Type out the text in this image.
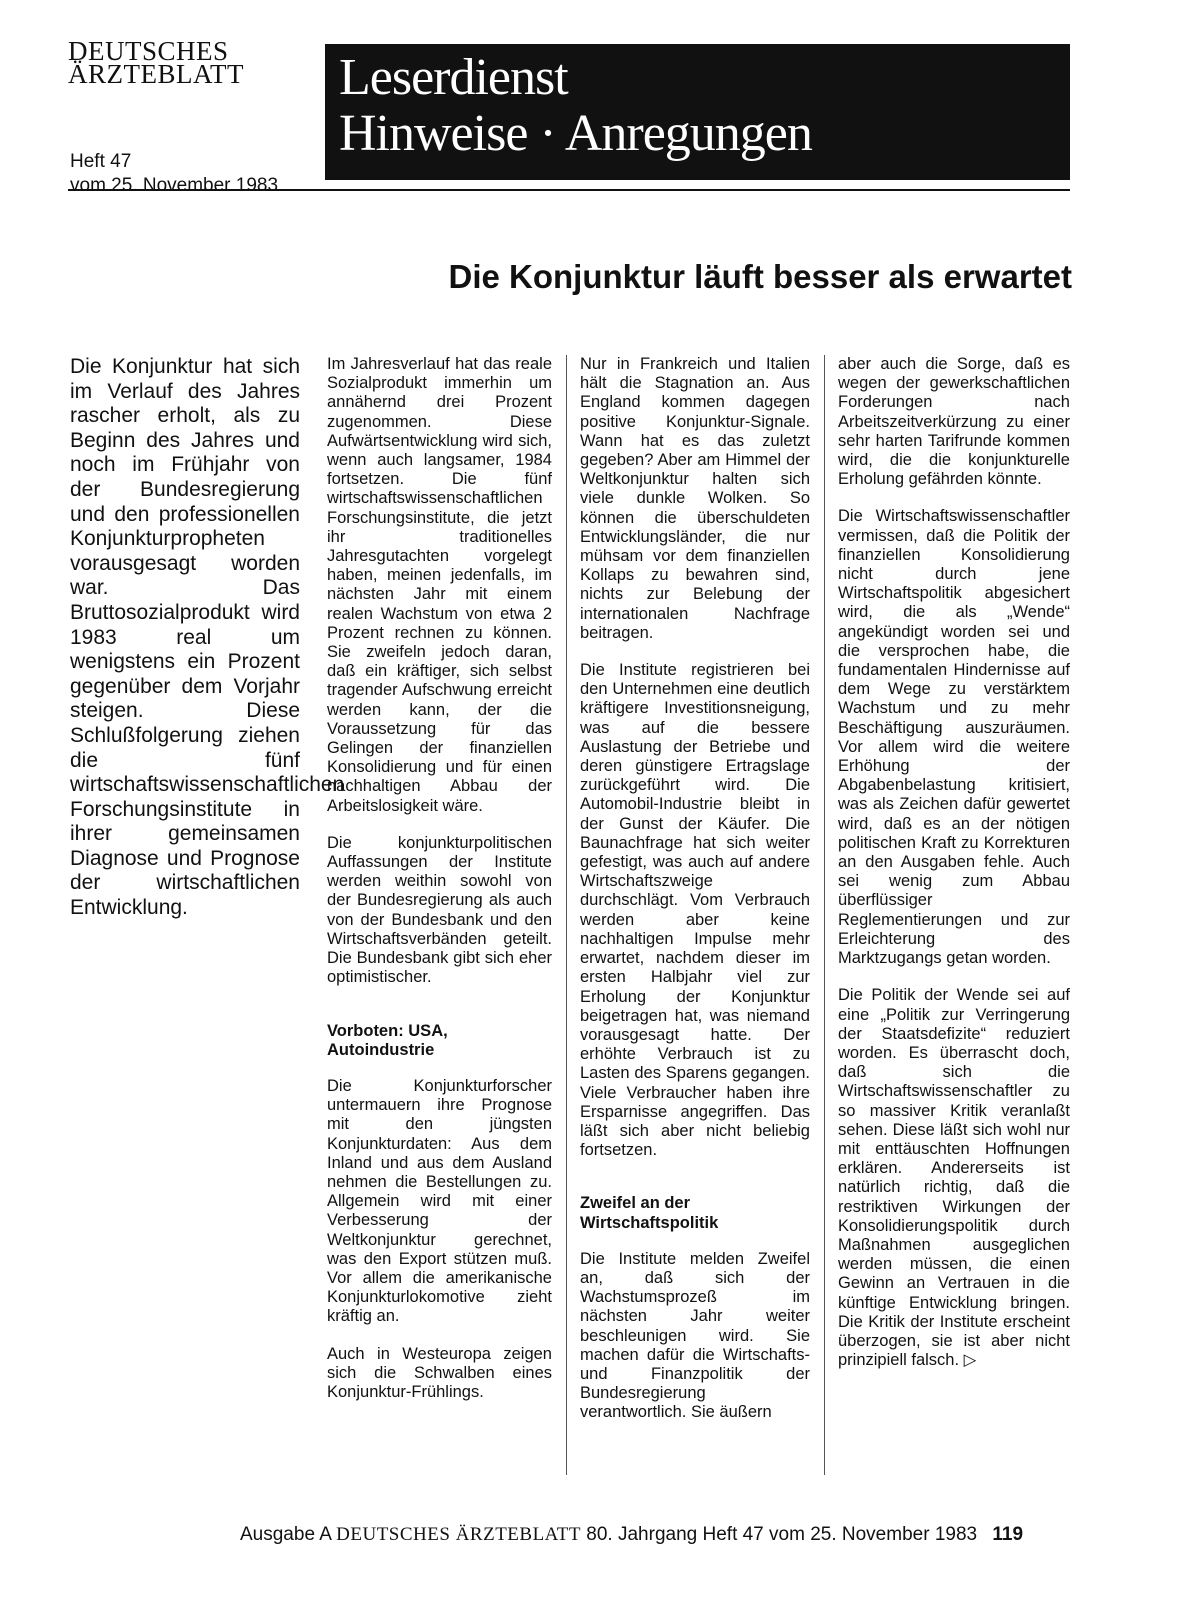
DEUTSCHES
ÄRZTEBLATT
Heft 47
vom 25. November 1983
Leserdienst
Hinweise · Anregungen
Die Konjunktur läuft besser als erwartet

Die Konjunktur hat sich im Verlauf des Jahres rascher erholt, als zu Beginn des Jahres und noch im Frühjahr von der Bundesregierung und den professionellen Konjunkturpropheten vorausgesagt worden war. Das Bruttosozialprodukt wird 1983 real um wenigstens ein Prozent gegenüber dem Vorjahr steigen. Diese Schlußfolgerung ziehen die fünf wirtschaftswissenschaftlichen Forschungsinstitute in ihrer gemeinsamen Diagnose und Prognose der wirtschaftlichen Entwicklung.

Im Jahresverlauf hat das reale Sozialprodukt immerhin um annähernd drei Prozent zugenommen. Diese Aufwärtsentwicklung wird sich, wenn auch langsamer, 1984 fortsetzen. Die fünf wirtschaftswissenschaftlichen Forschungsinstitute, die jetzt ihr traditionelles Jahresgutachten vorgelegt haben, meinen jedenfalls, im nächsten Jahr mit einem realen Wachstum von etwa 2 Prozent rechnen zu können. Sie zweifeln jedoch daran, daß ein kräftiger, sich selbst tragender Aufschwung erreicht werden kann, der die Voraussetzung für das Gelingen der finanziellen Konsolidierung und für einen nachhaltigen Abbau der Arbeitslosigkeit wäre.

Die konjunkturpolitischen Auffassungen der Institute werden weithin sowohl von der Bundesregierung als auch von der Bundesbank und den Wirtschaftsverbänden geteilt. Die Bundesbank gibt sich eher optimistischer.

Vorboten: USA, Autoindustrie

Die Konjunkturforscher untermauern ihre Prognose mit den jüngsten Konjunkturdaten: Aus dem Inland und aus dem Ausland nehmen die Bestellungen zu. Allgemein wird mit einer Verbesserung der Weltkonjunktur gerechnet, was den Export stützen muß. Vor allem die amerikanische Konjunkturlokomotive zieht kräftig an.

Auch in Westeuropa zeigen sich die Schwalben eines Konjunktur-Frühlings.

Nur in Frankreich und Italien hält die Stagnation an. Aus England kommen dagegen positive Konjunktur-Signale. Wann hat es das zuletzt gegeben? Aber am Himmel der Weltkonjunktur halten sich viele dunkle Wolken. So können die überschuldeten Entwicklungsländer, die nur mühsam vor dem finanziellen Kollaps zu bewahren sind, nichts zur Belebung der internationalen Nachfrage beitragen.

Die Institute registrieren bei den Unternehmen eine deutlich kräftigere Investitionsneigung, was auf die bessere Auslastung der Betriebe und deren günstigere Ertragslage zurückgeführt wird. Die Automobil-Industrie bleibt in der Gunst der Käufer. Die Baunachfrage hat sich weiter gefestigt, was auch auf andere Wirtschaftszweige durchschlägt. Vom Verbrauch werden aber keine nachhaltigen Impulse mehr erwartet, nachdem dieser im ersten Halbjahr viel zur Erholung der Konjunktur beigetragen hat, was niemand vorausgesagt hatte. Der erhöhte Verbrauch ist zu Lasten des Sparens gegangen. Viele Verbraucher haben ihre Ersparnisse angegriffen. Das läßt sich aber nicht beliebig fortsetzen.

Zweifel an der Wirtschaftspolitik

Die Institute melden Zweifel an, daß sich der Wachstumsprozeß im nächsten Jahr weiter beschleunigen wird. Sie machen dafür die Wirtschafts- und Finanzpolitik der Bundesregierung verantwortlich. Sie äußern

aber auch die Sorge, daß es wegen der gewerkschaftlichen Forderungen nach Arbeitszeitverkürzung zu einer sehr harten Tarifrunde kommen wird, die die konjunkturelle Erholung gefährden könnte.

Die Wirtschaftswissenschaftler vermissen, daß die Politik der finanziellen Konsolidierung nicht durch jene Wirtschaftspolitik abgesichert wird, die als „Wende“ angekündigt worden sei und die versprochen habe, die fundamentalen Hindernisse auf dem Wege zu verstärktem Wachstum und zu mehr Beschäftigung auszuräumen. Vor allem wird die weitere Erhöhung der Abgabenbelastung kritisiert, was als Zeichen dafür gewertet wird, daß es an der nötigen politischen Kraft zu Korrekturen an den Ausgaben fehle. Auch sei wenig zum Abbau überflüssiger Reglementierungen und zur Erleichterung des Marktzugangs getan worden.

Die Politik der Wende sei auf eine „Politik zur Verringerung der Staatsdefizite“ reduziert worden. Es überrascht doch, daß sich die Wirtschaftswissenschaftler zu so massiver Kritik veranlaßt sehen. Diese läßt sich wohl nur mit enttäuschten Hoffnungen erklären. Andererseits ist natürlich richtig, daß die restriktiven Wirkungen der Konsolidierungspolitik durch Maßnahmen ausgeglichen werden müssen, die einen Gewinn an Vertrauen in die künftige Entwicklung bringen. Die Kritik der Institute erscheint überzogen, sie ist aber nicht prinzipiell falsch. ▷

Ausgabe A DEUTSCHES ÄRZTEBLATT 80. Jahrgang Heft 47 vom 25. November 1983 119
